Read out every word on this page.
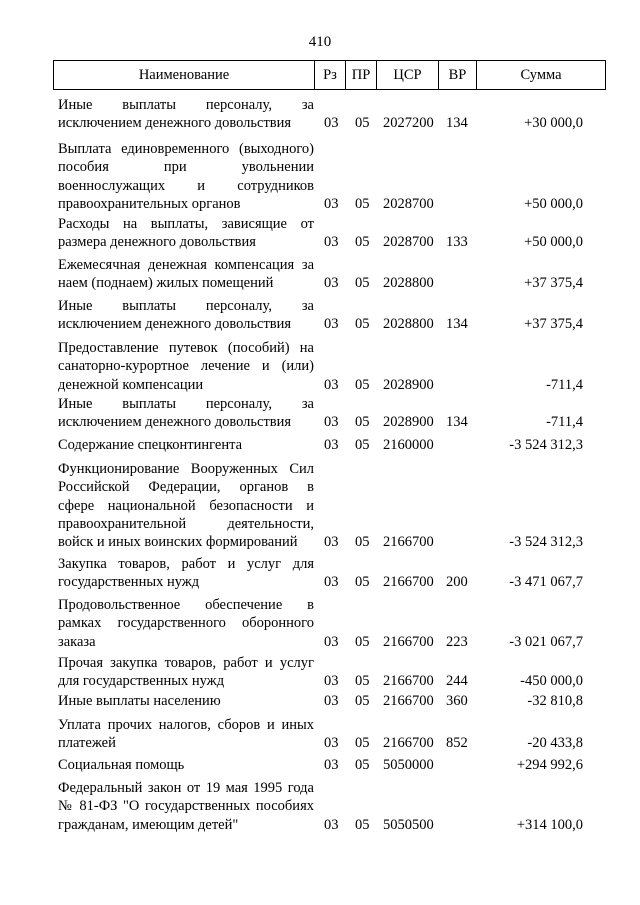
410
Наименование	Рз	ПР	ЦСР	ВР	Сумма
Иные выплаты персоналу, за
исключением денежного довольствия	03 05 2027200 134	+30 000,0
Выплата единовременного (выходного)
пособия при увольнении
военнослужащих и сотрудников
правоохранительных органов	03 05 2028700	+50 000,0
Расходы на выплаты, зависящие от
размера денежного довольствия	03 05 2028700 133	+50 000,0
Ежемесячная денежная компенсация за
наем (поднаем) жилых помещений	03 05 2028800	+37 375,4
Иные выплаты персоналу, за
исключением денежного довольствия	03 05 2028800 134	+37 375,4
Предоставление путевок (пособий) на
санаторно-курортное лечение и (или)
денежной компенсации	03 05 2028900	-711,4
Иные выплаты персоналу, за
исключением денежного довольствия	03 05 2028900 134	-711,4
Содержание спецконтингента	03 05 2160000	-3 524 312,3
Функционирование Вооруженных Сил
Российской Федерации, органов в
сфере национальной безопасности и
правоохранительной деятельности,
войск и иных воинских формирований	03 05 2166700	-3 524 312,3
Закупка товаров, работ и услуг для
государственных нужд	03 05 2166700 200	-3 471 067,7
Продовольственное обеспечение в
рамках государственного оборонного
заказа	03 05 2166700 223	-3 021 067,7
Прочая закупка товаров, работ и услуг
для государственных нужд	03 05 2166700 244	-450 000,0
Иные выплаты населению	03 05 2166700 360	-32 810,8
Уплата прочих налогов, сборов и иных
платежей	03 05 2166700 852	-20 433,8
Социальная помощь	03 05 5050000	+294 992,6
Федеральный закон от 19 мая 1995 года
№ 81-ФЗ "О государственных пособиях
гражданам, имеющим детей"	03 05 5050500	+314 100,0
